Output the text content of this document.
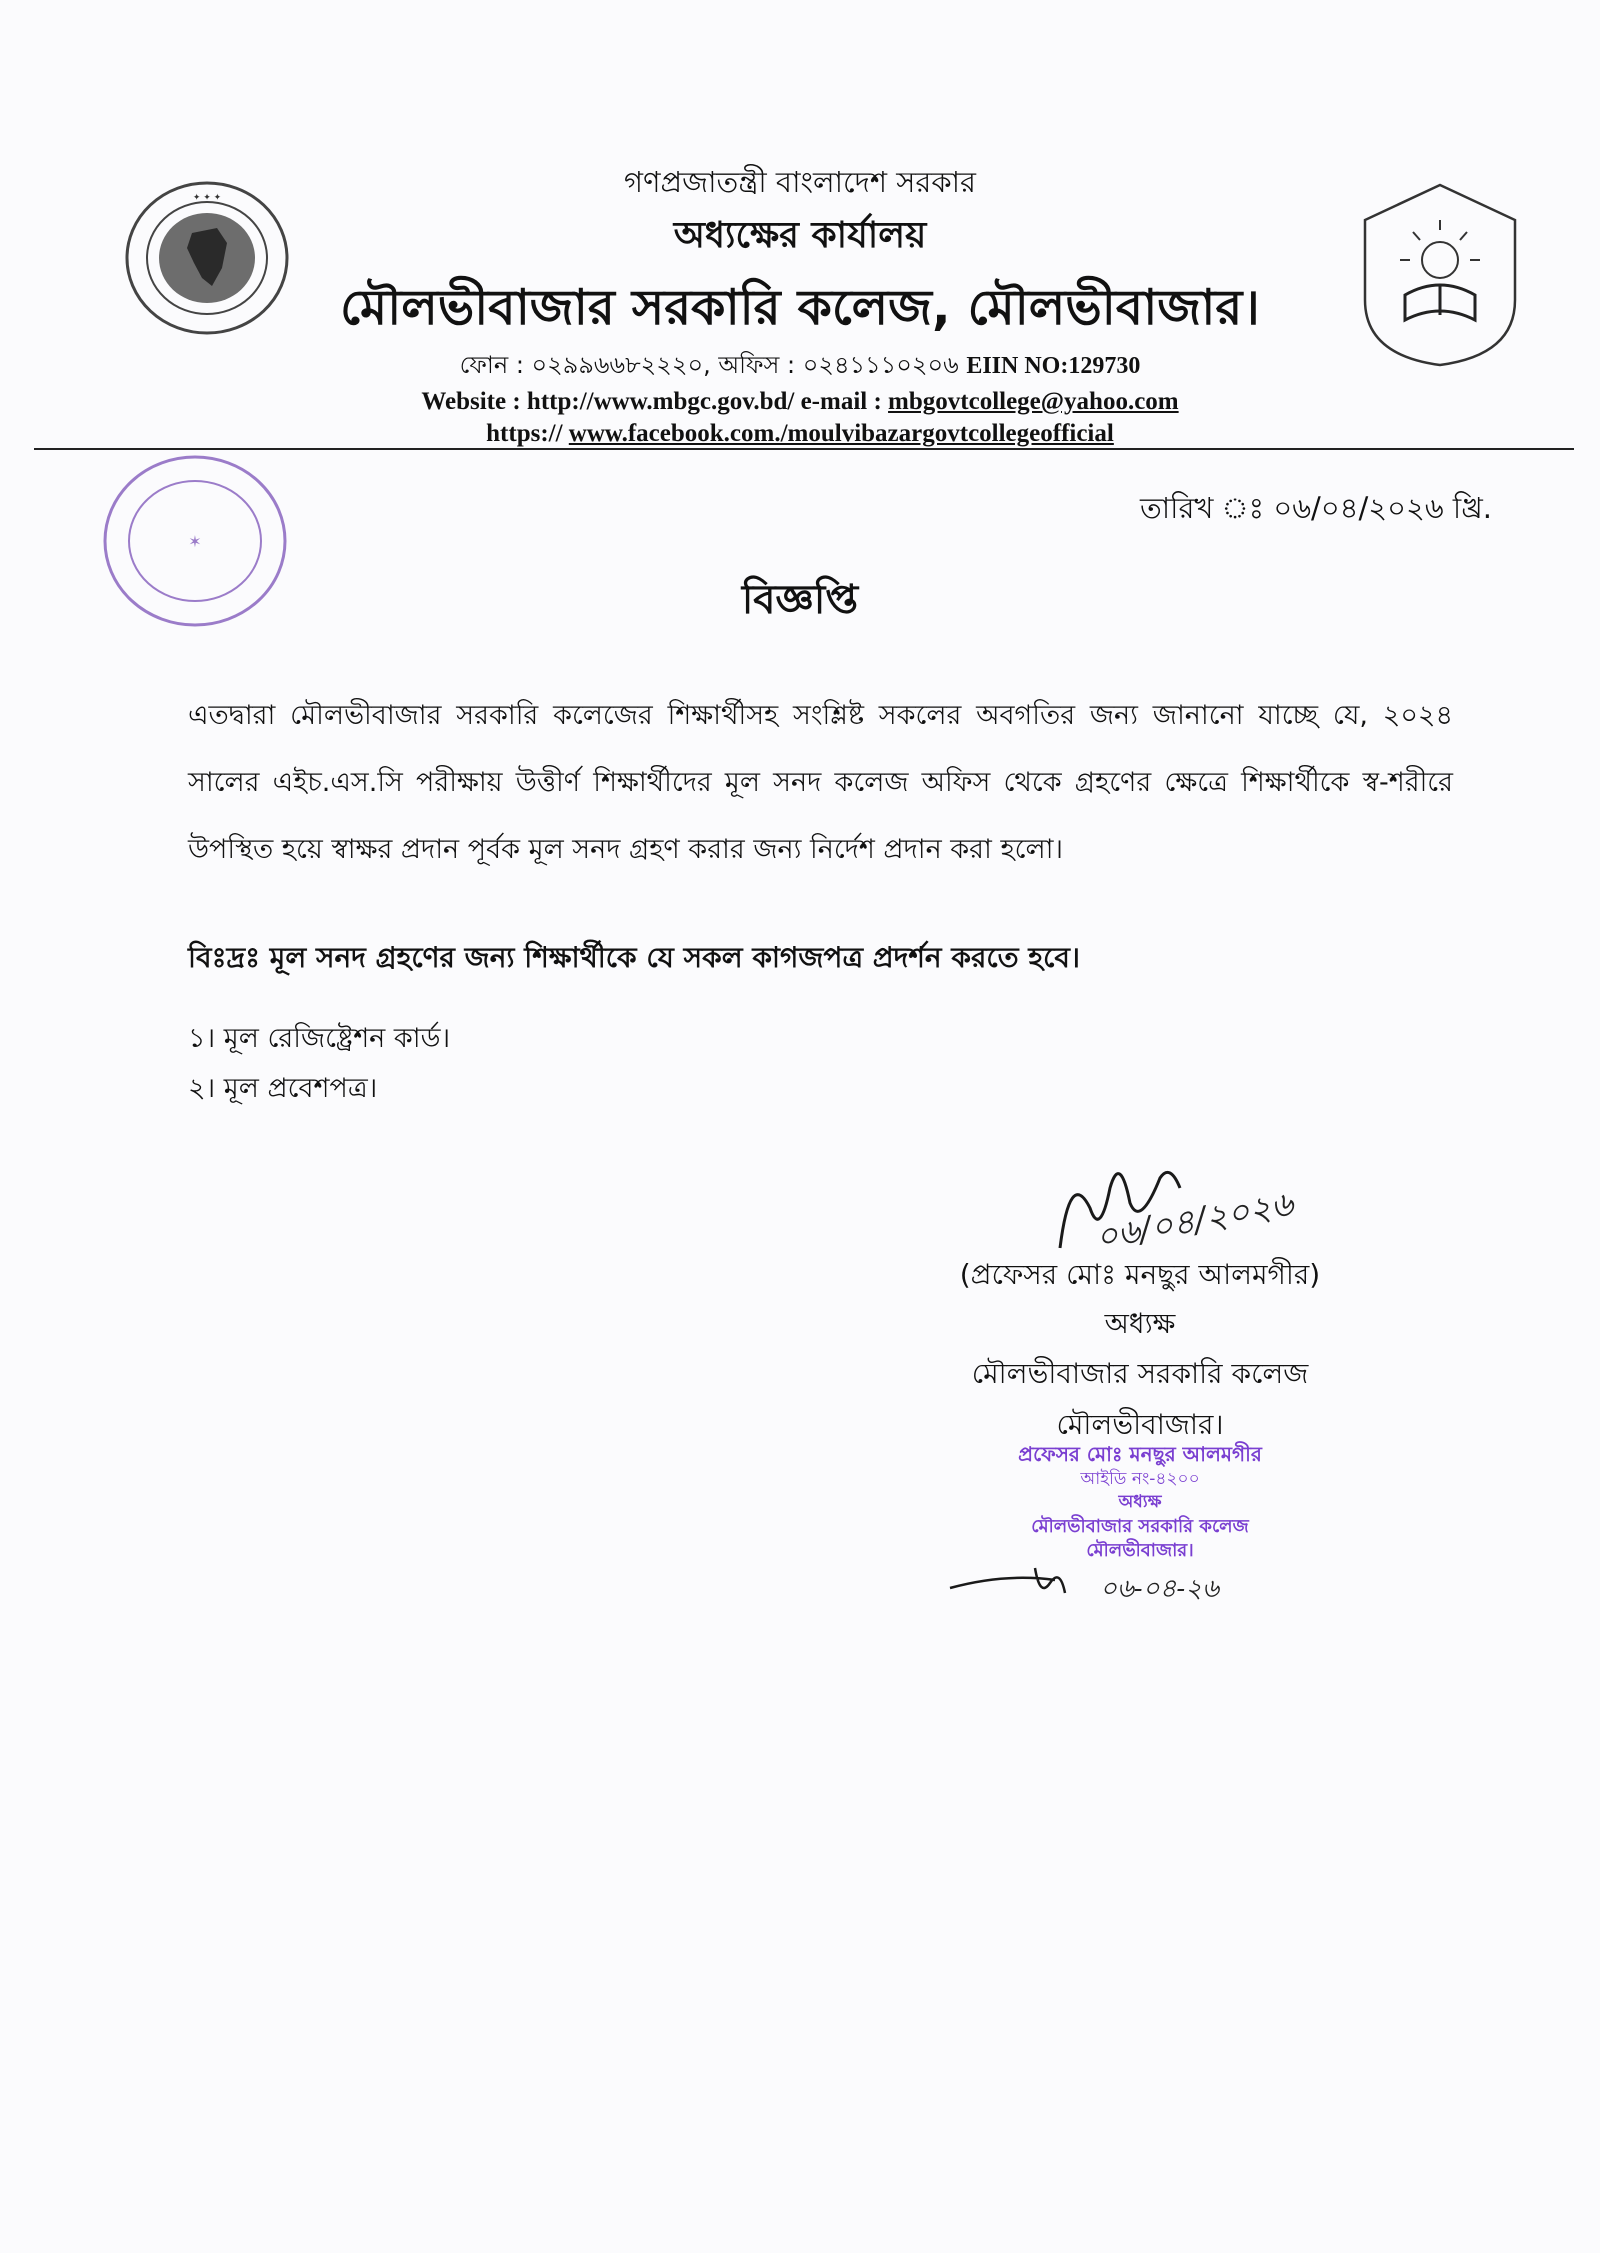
✦ ✦ ✦
✶
গণপ্রজাতন্ত্রী বাংলাদেশ সরকার
অধ্যক্ষের কার্যালয়
মৌলভীবাজার সরকারি কলেজ, মৌলভীবাজার।
ফোন : ০২৯৯৬৬৮২২২০, অফিস : ০২৪১১১০২০৬ EIIN NO:129730
Website : http://www.mbgc.gov.bd/ e-mail : mbgovtcollege@yahoo.com
https:// www.facebook.com./moulvibazargovtcollegeofficial
তারিখ ঃ ০৬/০৪/২০২৬ খ্রি.
বিজ্ঞপ্তি
এতদ্বারা মৌলভীবাজার সরকারি কলেজের শিক্ষার্থীসহ সংশ্লিষ্ট সকলের অবগতির জন্য জানানো যাচ্ছে যে, ২০২৪ সালের এইচ.এস.সি পরীক্ষায় উত্তীর্ণ শিক্ষার্থীদের মূল সনদ কলেজ অফিস থেকে গ্রহণের ক্ষেত্রে শিক্ষার্থীকে স্ব-শরীরে উপস্থিত হয়ে স্বাক্ষর প্রদান পূর্বক মূল সনদ গ্রহণ করার জন্য নির্দেশ প্রদান করা হলো।
বিঃদ্রঃ মূল সনদ গ্রহণের জন্য শিক্ষার্থীকে যে সকল কাগজপত্র প্রদর্শন করতে হবে।
১। মূল রেজিষ্ট্রেশন কার্ড।
২। মূল প্রবেশপত্র।
০৬/০৪/২০২৬
(প্রফেসর মোঃ মনছুর আলমগীর)
অধ্যক্ষ
মৌলভীবাজার সরকারি কলেজ
মৌলভীবাজার।
প্রফেসর মোঃ মনছুর আলমগীর
আইডি নং-৪২০০
অধ্যক্ষ
মৌলভীবাজার সরকারি কলেজ
মৌলভীবাজার।
০৬-০৪-২৬
